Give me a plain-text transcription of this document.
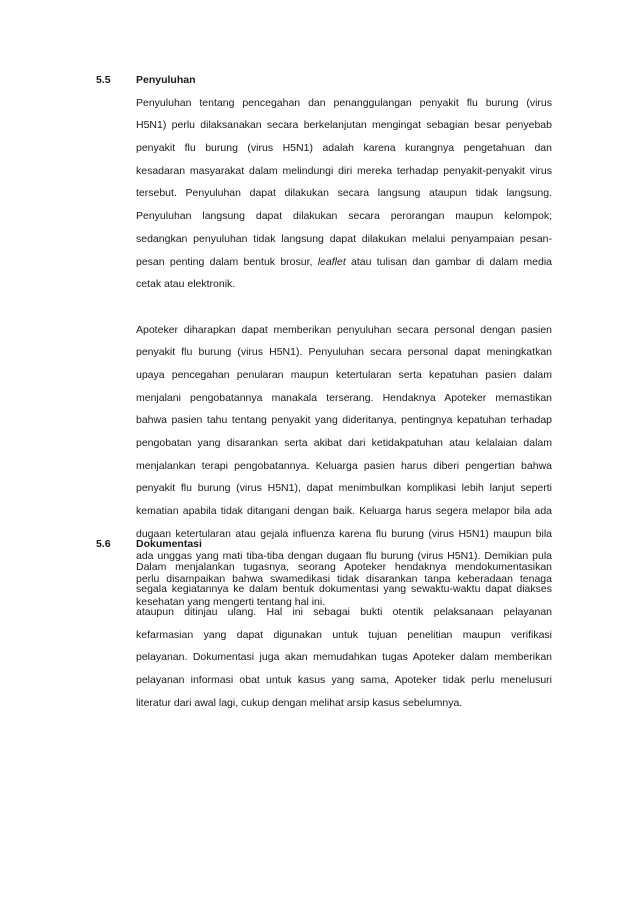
5.5 Penyuluhan
Penyuluhan tentang pencegahan dan penanggulangan penyakit flu burung (virus
H5N1) perlu dilaksanakan secara berkelanjutan mengingat sebagian besar penyebab
penyakit flu burung (virus H5N1) adalah karena kurangnya pengetahuan dan
kesadaran masyarakat dalam melindungi diri mereka terhadap penyakit-penyakit virus
tersebut. Penyuluhan dapat dilakukan secara langsung ataupun tidak langsung.
Penyuluhan langsung dapat dilakukan secara perorangan maupun kelompok;
sedangkan penyuluhan tidak langsung dapat dilakukan melalui penyampaian pesan-
pesan penting dalam bentuk brosur, leaflet atau tulisan dan gambar di dalam media
cetak atau elektronik.
Apoteker diharapkan dapat memberikan penyuluhan secara personal dengan pasien
penyakit flu burung (virus H5N1). Penyuluhan secara personal dapat meningkatkan
upaya pencegahan penularan maupun ketertularan serta kepatuhan pasien dalam
menjalani pengobatannya manakala terserang. Hendaknya Apoteker memastikan
bahwa pasien tahu tentang penyakit yang dideritanya, pentingnya kepatuhan terhadap
pengobatan yang disarankan serta akibat dari ketidakpatuhan atau kelalaian dalam
menjalankan terapi pengobatannya. Keluarga pasien harus diberi pengertian bahwa
penyakit flu burung (virus H5N1), dapat menimbulkan komplikasi lebih lanjut seperti
kematian apabila tidak ditangani dengan baik. Keluarga harus segera melapor bila ada
dugaan ketertularan atau gejala influenza karena flu burung (virus H5N1) maupun bila
ada unggas yang mati tiba-tiba dengan dugaan flu burung (virus H5N1). Demikian pula
perlu disampaikan bahwa swamedikasi tidak disarankan tanpa keberadaan tenaga
kesehatan yang mengerti tentang hal ini.
5.6 Dokumentasi
Dalam menjalankan tugasnya, seorang Apoteker hendaknya mendokumentasikan
segala kegiatannya ke dalam bentuk dokumentasi yang sewaktu-waktu dapat diakses
ataupun ditinjau ulang. Hal ini sebagai bukti otentik pelaksanaan pelayanan
kefarmasian yang dapat digunakan untuk tujuan penelitian maupun verifikasi
pelayanan. Dokumentasi juga akan memudahkan tugas Apoteker dalam memberikan
pelayanan informasi obat untuk kasus yang sama, Apoteker tidak perlu menelusuri
literatur dari awal lagi, cukup dengan melihat arsip kasus sebelumnya.
